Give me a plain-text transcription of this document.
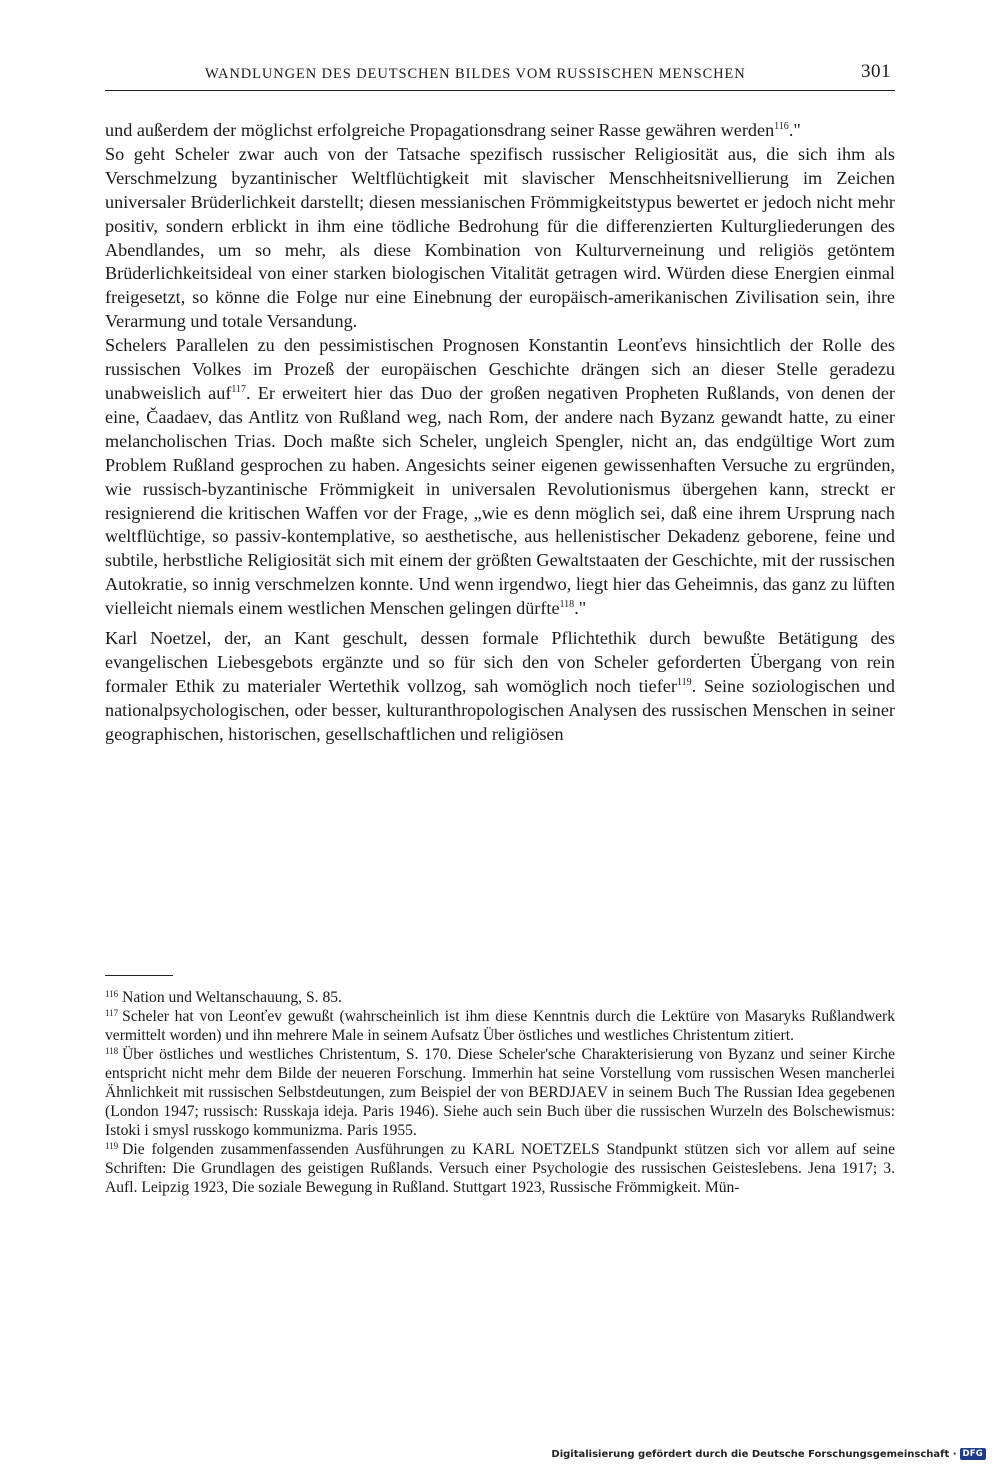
WANDLUNGEN DES DEUTSCHEN BILDES VOM RUSSISCHEN MENSCHEN	301

und außerdem der möglichst erfolgreiche Propagationsdrang seiner Rasse gewähren werden$^{116}$."

So geht Scheler zwar auch von der Tatsache spezifisch russischer Religiosität aus, die sich ihm als Verschmelzung byzantinischer Weltflüchtigkeit mit slavischer Menschheitsnivellierung im Zeichen universaler Brüderlichkeit darstellt; diesen messianischen Frömmigkeitstypus bewertet er jedoch nicht mehr positiv, sondern erblickt in ihm eine tödliche Bedrohung für die differenzierten Kulturgliederungen des Abendlandes, um so mehr, als diese Kombination von Kulturverneinung und religiös getöntem Brüderlichkeitsideal von einer starken biologischen Vitalität getragen wird. Würden diese Energien einmal freigesetzt, so könne die Folge nur eine Einebnung der europäisch-amerikanischen Zivilisation sein, ihre Verarmung und totale Versandung.

Schelers Parallelen zu den pessimistischen Prognosen Konstantin Leonťevs hinsichtlich der Rolle des russischen Volkes im Prozeß der europäischen Geschichte drängen sich an dieser Stelle geradezu unabweislich auf$^{117}$. Er erweitert hier das Duo der großen negativen Propheten Rußlands, von denen der eine, Čaadaev, das Antlitz von Rußland weg, nach Rom, der andere nach Byzanz gewandt hatte, zu einer melancholischen Trias. Doch maßte sich Scheler, ungleich Spengler, nicht an, das endgültige Wort zum Problem Rußland gesprochen zu haben. Angesichts seiner eigenen gewissenhaften Versuche zu ergründen, wie russisch-byzantinische Frömmigkeit in universalen Revolutionismus übergehen kann, streckt er resignierend die kritischen Waffen vor der Frage, „wie es denn möglich sei, daß eine ihrem Ursprung nach weltflüchtige, so passiv-kontemplative, so aesthetische, aus hellenistischer Dekadenz geborene, feine und subtile, herbstliche Religiosität sich mit einem der größten Gewaltstaaten der Geschichte, mit der russischen Autokratie, so innig verschmelzen konnte. Und wenn irgendwo, liegt hier das Geheimnis, das ganz zu lüften vielleicht niemals einem westlichen Menschen gelingen dürfte$^{118}$."

Karl Noetzel, der, an Kant geschult, dessen formale Pflichtethik durch bewußte Betätigung des evangelischen Liebesgebots ergänzte und so für sich den von Scheler geforderten Übergang von rein formaler Ethik zu materialer Wertethik vollzog, sah womöglich noch tiefer$^{119}$. Seine soziologischen und nationalpsychologischen, oder besser, kulturanthropologischen Analysen des russischen Menschen in seiner geographischen, historischen, gesellschaftlichen und religiösen

$^{116}$ Nation und Weltanschauung, S. 85.

$^{117}$ Scheler hat von Leonťev gewußt (wahrscheinlich ist ihm diese Kenntnis durch die Lektüre von Masaryks Rußlandwerk vermittelt worden) und ihn mehrere Male in seinem Aufsatz Über östliches und westliches Christentum zitiert.

$^{118}$ Über östliches und westliches Christentum, S. 170. Diese Scheler'sche Charakterisierung von Byzanz und seiner Kirche entspricht nicht mehr dem Bilde der neueren Forschung. Immerhin hat seine Vorstellung vom russischen Wesen mancherlei Ähnlichkeit mit russischen Selbstdeutungen, zum Beispiel der von BERDJAEV in seinem Buch The Russian Idea gegebenen (London 1947; russisch: Russkaja ideja. Paris 1946). Siehe auch sein Buch über die russischen Wurzeln des Bolschewismus: Istoki i smysl russkogo kommunizma. Paris 1955.

$^{119}$ Die folgenden zusammenfassenden Ausführungen zu KARL NOETZELS Standpunkt stützen sich vor allem auf seine Schriften: Die Grundlagen des geistigen Rußlands. Versuch einer Psychologie des russischen Geisteslebens. Jena 1917; 3. Aufl. Leipzig 1923, Die soziale Bewegung in Rußland. Stuttgart 1923, Russische Frömmigkeit. Mün-

Digitalisierung gefördert durch die Deutsche Forschungsgemeinschaft · DFG
